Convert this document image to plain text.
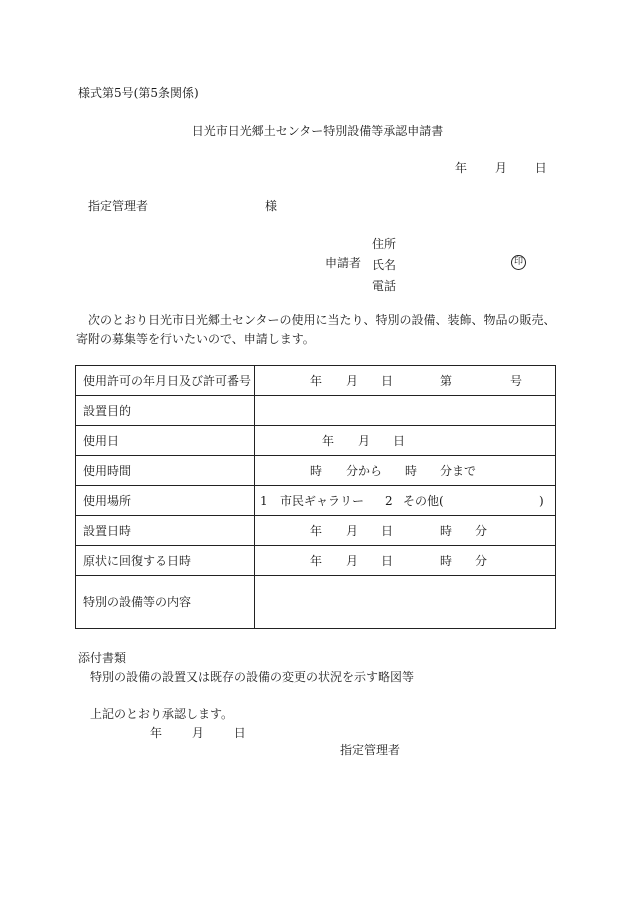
様式第5号(第5条関係)
日光市日光郷土センター特別設備等承認申請書
年 月 日
指定管理者	様
申請者
住所
氏名
電話
印
次のとおり日光市日光郷土センターの使用に当たり、特別の設備、装飾、物品の販売、寄附の募集等を行いたいので、申請します。
使用許可の年月日及び許可番号	年 月 日 第 号

設置目的	
使用日	年 月 日

使用時間	時 分から 時 分まで

使用場所	1 市民ギャラリー 2 その他( )

設置日時	年 月 日 時 分

原状に回復する日時	年 月 日 時 分

特別の設備等の内容	
添付書類
特別の設備の設置又は既存の設備の変更の状況を示す略図等
上記のとおり承認します。
年 月 日
指定管理者
